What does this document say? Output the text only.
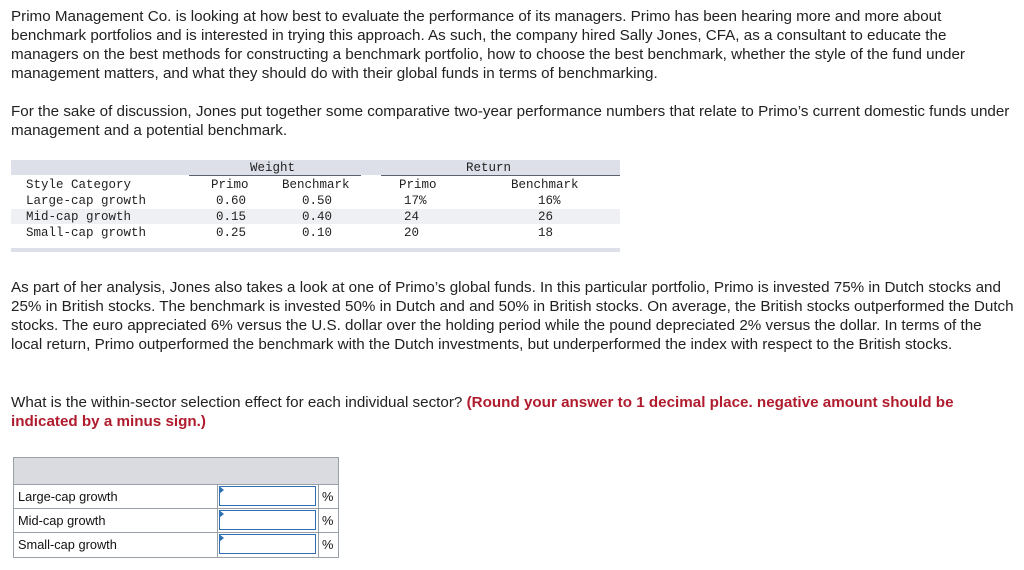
Primo Management Co. is looking at how best to evaluate the performance of its managers. Primo has been hearing more and more about benchmark portfolios and is interested in trying this approach. As such, the company hired Sally Jones, CFA, as a consultant to educate the managers on the best methods for constructing a benchmark portfolio, how to choose the best benchmark, whether the style of the fund under management matters, and what they should do with their global funds in terms of benchmarking.

For the sake of discussion, Jones put together some comparative two-year performance numbers that relate to Primo’s current domestic funds under management and a potential benchmark.

Weight	Return
Style Category	Primo	Benchmark	Primo	Benchmark
Large-cap growth	0.60	0.50	17%	16%
Mid-cap growth	0.15	0.40	24	26
Small-cap growth	0.25	0.10	20	18

As part of her analysis, Jones also takes a look at one of Primo’s global funds. In this particular portfolio, Primo is invested 75% in Dutch stocks and 25% in British stocks. The benchmark is invested 50% in Dutch and and 50% in British stocks. On average, the British stocks outperformed the Dutch stocks. The euro appreciated 6% versus the U.S. dollar over the holding period while the pound depreciated 2% versus the dollar. In terms of the local return, Primo outperformed the benchmark with the Dutch investments, but underperformed the index with respect to the British stocks.

What is the within-sector selection effect for each individual sector? (Round your answer to 1 decimal place. negative amount should be indicated by a minus sign.)

Large-cap growth	%
Mid-cap growth	%
Small-cap growth	%
